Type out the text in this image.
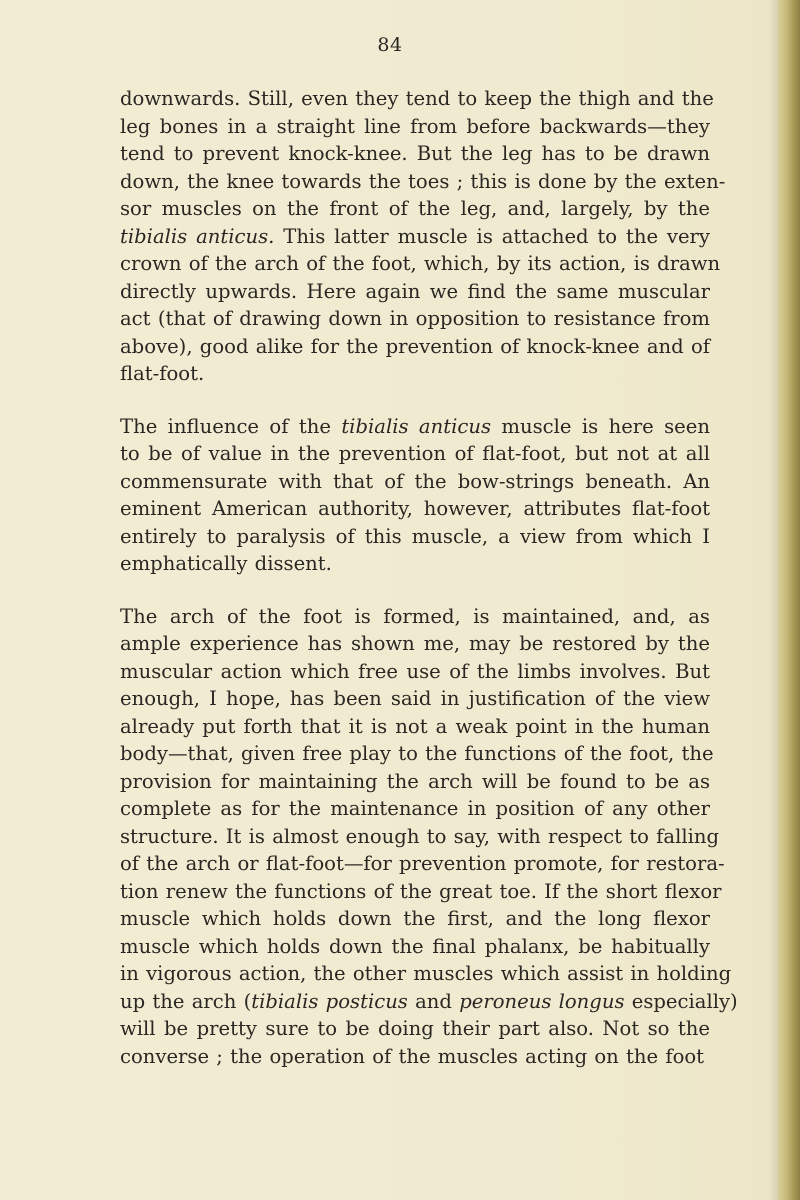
84
downwards. Still, even they tend to keep the thigh and the
leg bones in a straight line from before backwards—they
tend to prevent knock-knee. But the leg has to be drawn
down, the knee towards the toes ; this is done by the exten-
sor muscles on the front of the leg, and, largely, by the
tibialis anticus. This latter muscle is attached to the very
crown of the arch of the foot, which, by its action, is drawn
directly upwards. Here again we find the same muscular
act (that of drawing down in opposition to resistance from
above), good alike for the prevention of knock-knee and of
flat-foot.
The influence of the tibialis anticus muscle is here seen
to be of value in the prevention of flat-foot, but not at all
commensurate with that of the bow-strings beneath. An
eminent American authority, however, attributes flat-foot
entirely to paralysis of this muscle, a view from which I
emphatically dissent.
The arch of the foot is formed, is maintained, and, as
ample experience has shown me, may be restored by the
muscular action which free use of the limbs involves. But
enough, I hope, has been said in justification of the view
already put forth that it is not a weak point in the human
body—that, given free play to the functions of the foot, the
provision for maintaining the arch will be found to be as
complete as for the maintenance in position of any other
structure. It is almost enough to say, with respect to falling
of the arch or flat-foot—for prevention promote, for restora-
tion renew the functions of the great toe. If the short flexor
muscle which holds down the first, and the long flexor
muscle which holds down the final phalanx, be habitually
in vigorous action, the other muscles which assist in holding
up the arch (tibialis posticus and peroneus longus especially)
will be pretty sure to be doing their part also. Not so the
converse ; the operation of the muscles acting on the foot
